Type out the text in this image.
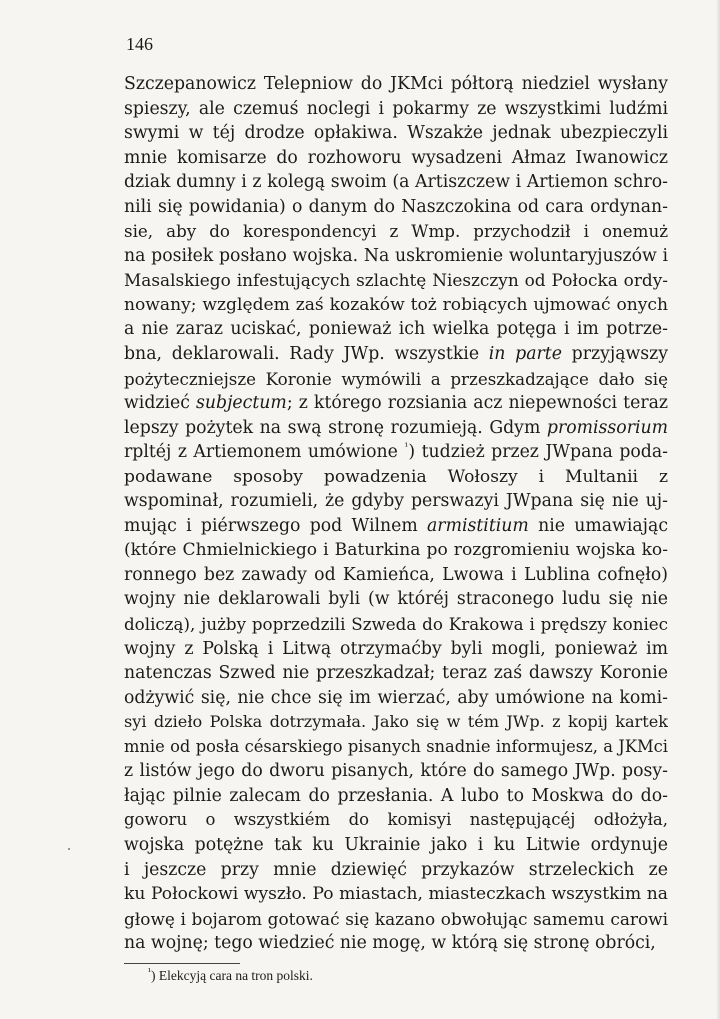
146
Szczepanowicz Telepniow do JKMci półtorą niedziel wysłany
spieszy, ale czemuś noclegi i pokarmy ze wszystkimi ludźmi
swymi w téj drodze opłakiwa. Wszakże jednak ubezpieczyli
mnie komisarze do rozhoworu wysadzeni Ałmaz Iwanowicz
dziak dumny i z kolegą swoim (a Artiszczew i Artiemon schro-
nili się powidania) o danym do Naszczokina od cara ordynan-
sie, aby do korespondencyi z Wmp. przychodził i onemuż
na posiłek posłano wojska. Na uskromienie woluntaryjuszów i
Masalskiego infestujących szlachtę Nieszczyn od Połocka ordy-
nowany; względem zaś kozaków toż robiących ujmować onych
a nie zaraz uciskać, ponieważ ich wielka potęga i im potrze-
bna, deklarowali. Rady JWp. wszystkie in parte przyjąwszy
pożyteczniejsze Koronie wymówili a przeszkadzające dało się
widzieć subjectum; z którego rozsiania acz niepewności teraz
lepszy pożytek na swą stronę rozumieją. Gdym promissorium
rpltéj z Artiemonem umówione $^{^1}$) tudzież przez JWpana poda-
podawane sposoby powadzenia Wołoszy i Multanii z
wspominał, rozumieli, że gdyby perswazyi JWpana się nie uj-
mując i piérwszego pod Wilnem armistitium nie umawiając
(które Chmielnickiego i Baturkina po rozgromieniu wojska ko-
ronnego bez zawady od Kamieńca, Lwowa i Lublina cofnęło)
wojny nie deklarowali byli (w któréj straconego ludu się nie
doliczą), jużby poprzedzili Szweda do Krakowa i prędszy koniec
wojny z Polską i Litwą otrzymaćby byli mogli, ponieważ im
natenczas Szwed nie przeszkadzał; teraz zaś dawszy Koronie
odżywić się, nie chce się im wierzać, aby umówione na komi-
syi dzieło Polska dotrzymała. Jako się w tém JWp. z kopij kartek
mnie od posła césarskiego pisanych snadnie informujesz, a JKMci
z listów jego do dworu pisanych, które do samego JWp. posy-
łając pilnie zalecam do przesłania. A lubo to Moskwa do do-
goworu o wszystkiém do komisyi następującéj odłożyła,
wojska potężne tak ku Ukrainie jako i ku Litwie ordynuje
i jeszcze przy mnie dziewięć przykazów strzeleckich ze
ku Połockowi wyszło. Po miastach, miasteczkach wszystkim na
głowę i bojarom gotować się kazano obwołując samemu carowi
na wojnę; tego wiedzieć nie mogę, w którą się stronę obróci,
$^{^1}$) Elekcyją cara na tron polski.
